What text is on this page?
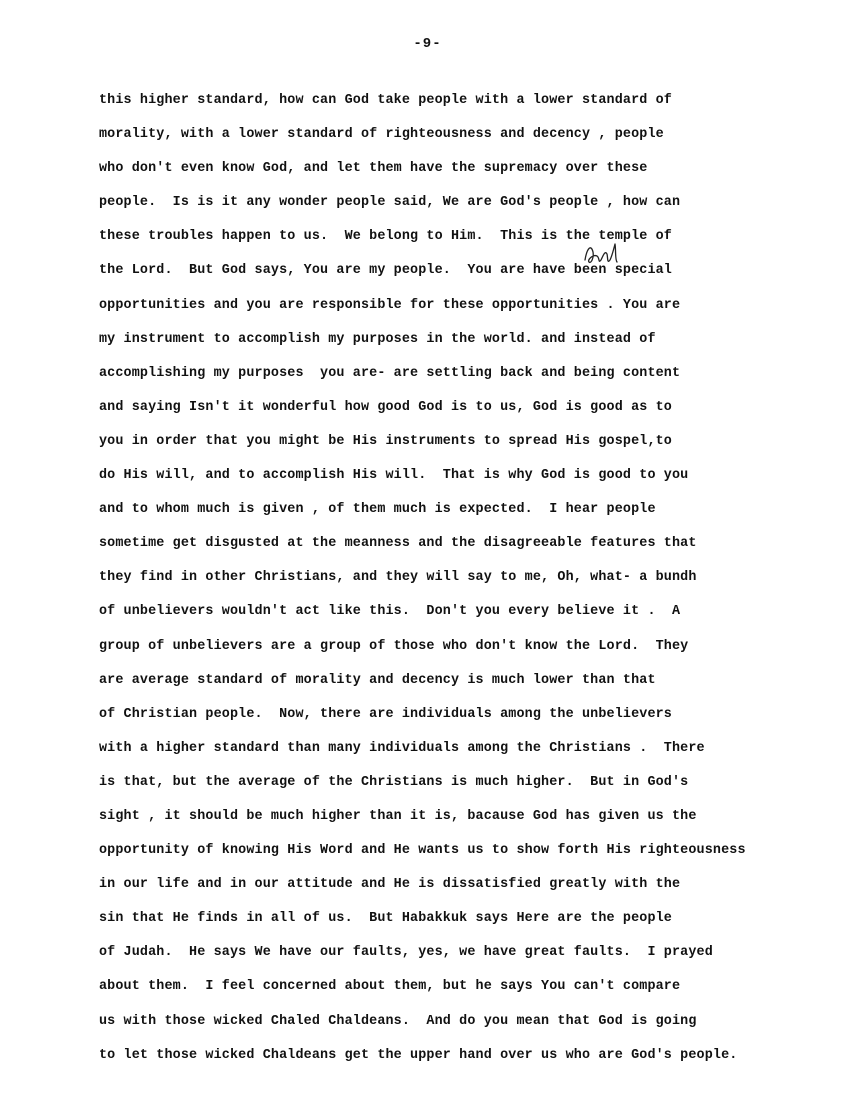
-9-
this higher standard, how can God take people with a lower standard of
morality, with a lower standard of righteousness and decency , people
who don't even know God, and let them have the supremacy over these
people.  Is is it any wonder people said, We are God's people , how can
these troubles happen to us.  We belong to Him.  This is the temple of
the Lord.  But God says, You are my people.  You are have been special
opportunities and you are responsible for these opportunities . You are
my instrument to accomplish my purposes in the world. and instead of
accomplishing my purposes  you are- are settling back and being content
and saying Isn't it wonderful how good God is to us, God is good as to
you in order that you might be His instruments to spread His gospel,to
do His will, and to accomplish His will.  That is why God is good to you
and to whom much is given , of them much is expected.  I hear people
sometime get disgusted at the meanness and the disagreeable features that
they find in other Christians, and they will say to me, Oh, what- a bundh
of unbelievers wouldn't act like this.  Don't you every believe it .  A
group of unbelievers are a group of those who don't know the Lord.  They
are average standard of morality and decency is much lower than that
of Christian people.  Now, there are individuals among the unbelievers
with a higher standard than many individuals among the Christians .  There
is that, but the average of the Christians is much higher.  But in God's
sight , it should be much higher than it is, bacause God has given us the
opportunity of knowing His Word and He wants us to show forth His righteousness
in our life and in our attitude and He is dissatisfied greatly with the
sin that He finds in all of us.  But Habakkuk says Here are the people
of Judah.  He says We have our faults, yes, we have great faults.  I prayed
about them.  I feel concerned about them, but he says You can't compare
us with those wicked Chaled Chaldeans.  And do you mean that God is going
to let those wicked Chaldeans get the upper hand over us who are God's people.
